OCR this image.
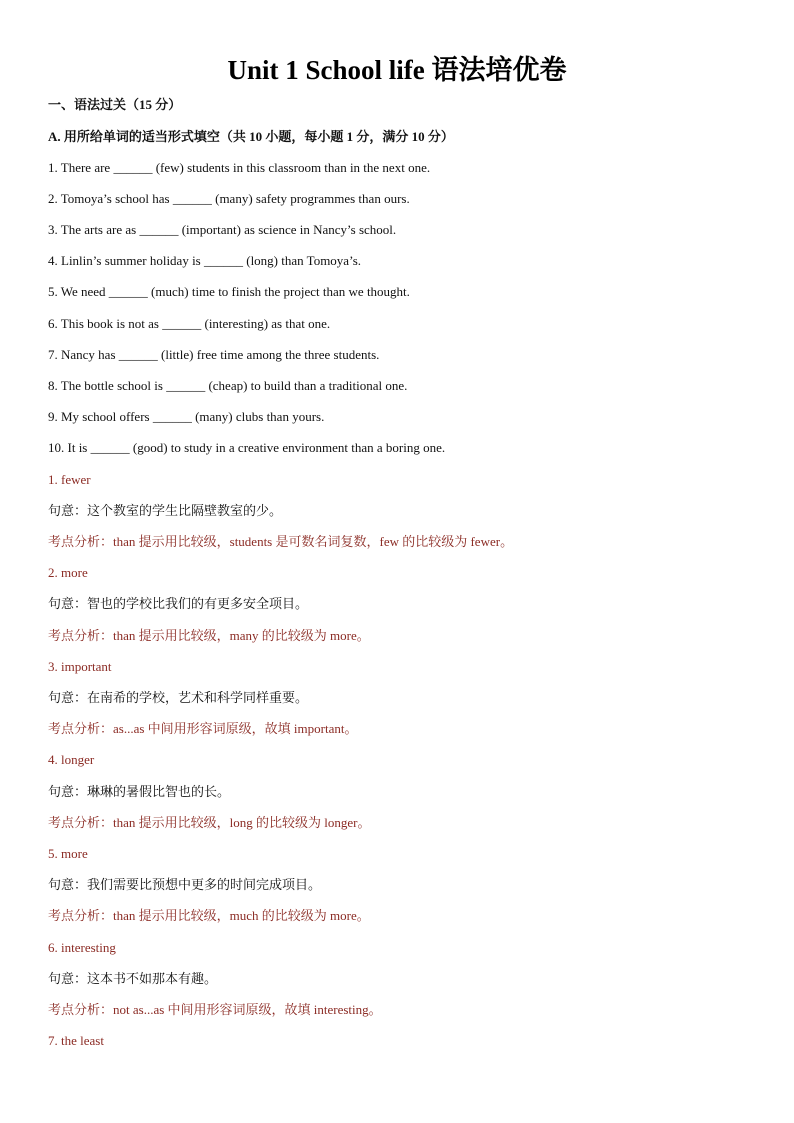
Unit 1 School life 语法培优卷
一、语法过关（15 分）
A. 用所给单词的适当形式填空（共 10 小题，每小题 1 分，满分 10 分）
1. There are ______ (few) students in this classroom than in the next one.
2. Tomoya’s school has ______ (many) safety programmes than ours.
3. The arts are as ______ (important) as science in Nancy’s school.
4. Linlin’s summer holiday is ______ (long) than Tomoya’s.
5. We need ______ (much) time to finish the project than we thought.
6. This book is not as ______ (interesting) as that one.
7. Nancy has ______ (little) free time among the three students.
8. The bottle school is ______ (cheap) to build than a traditional one.
9. My school offers ______ (many) clubs than yours.
10. It is ______ (good) to study in a creative environment than a boring one.
1. fewer
句意：这个教室的学生比隔壁教室的少。
考点分析：than 提示用比较级，students 是可数名词复数，few 的比较级为 fewer。
2. more
句意：智也的学校比我们的有更多安全项目。
考点分析：than 提示用比较级，many 的比较级为 more。
3. important
句意：在南希的学校，艺术和科学同样重要。
考点分析：as...as 中间用形容词原级，故填 important。
4. longer
句意：琳琳的暑假比智也的长。
考点分析：than 提示用比较级，long 的比较级为 longer。
5. more
句意：我们需要比预想中更多的时间完成项目。
考点分析：than 提示用比较级，much 的比较级为 more。
6. interesting
句意：这本书不如那本有趣。
考点分析：not as...as 中间用形容词原级，故填 interesting。
7. the least
